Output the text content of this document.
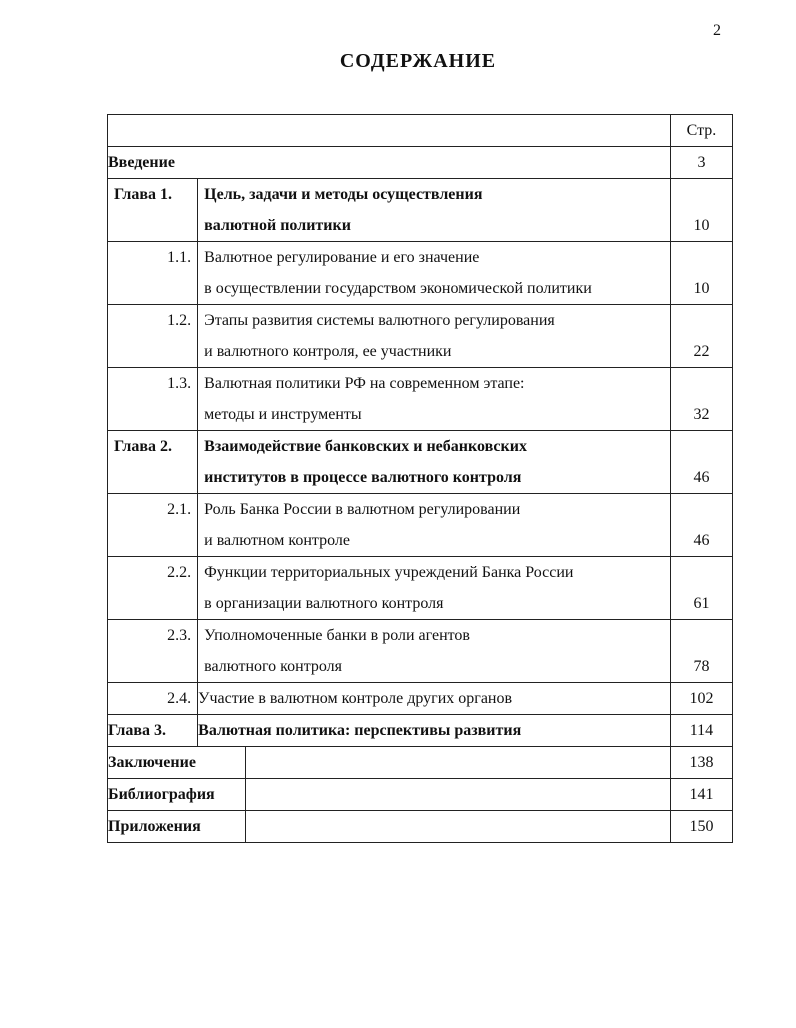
2
СОДЕРЖАНИЕ
			Стр.
Введение			3

Глава 1.	Цель, задачи и методы осуществления
валютной политики		10

1.1.	Валютное регулирование и его значение
в осуществлении государством экономической политики		10

1.2.	Этапы развития системы валютного регулирования
и валютного контроля, ее участники		22

1.3.	Валютная политики РФ на современном этапе:
методы и инструменты		32

Глава 2.	Взаимодействие банковских и небанковских
институтов в процессе валютного контроля		46

2.1.	Роль Банка России в валютном регулировании
и валютном контроле		46

2.2.	Функции территориальных учреждений Банка России
в организации валютного контроля		61

2.3.	Уполномоченные банки в роли агентов
валютного контроля		78

2.4.	Участие в валютном контроле других органов		102
Глава 3.	Валютная политика: перспективы развития		114
Заключение			138
Библиография			141
Приложения			150
